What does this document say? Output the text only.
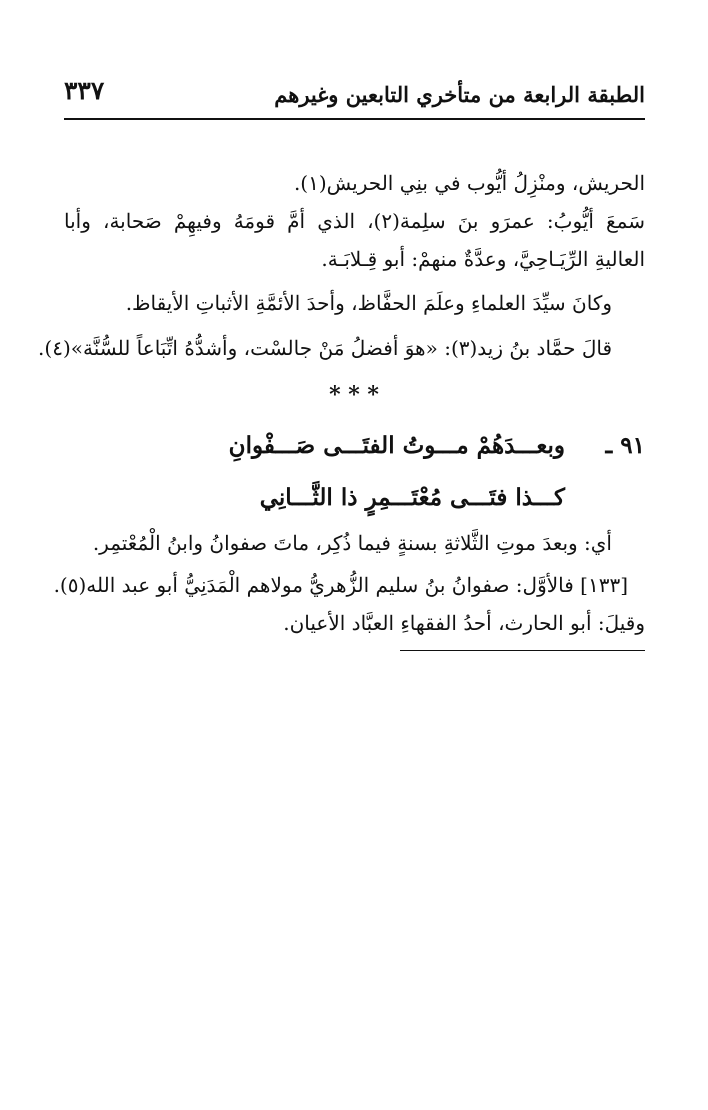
الطبقة الرابعة من متأخري التابعين وغيرهم
٣٣٧
الحريش، ومنْزِلُ أيُّوب في بنِي الحريش(١).
سَمعَ أيُّوبُ: عمرَو بنَ سلِمة(٢)، الذي أمَّ قومَهُ وفيهِمْ صَحابة، وأبا
العاليةِ الرِّيَـاحِيَّ، وعدَّةٌ منهمْ: أبو قِـلابَـة.
وكانَ سيِّدَ العلماءِ وعلَمَ الحفَّاظ، وأحدَ الأئمَّةِ الأثباتِ الأيقاظ.
قالَ حمَّاد بنُ زيد(٣): «هوَ أفضلُ مَنْ جالسْت، وأشدُّهُ اتِّبَاعاً للسُّنَّة»(٤).
* * *
٩١ ـ
وبعـــدَهُمْ مـــوتُ الفتَـــى صَـــفْوانِ
كـــذا فتَـــى مُعْتَـــمِرٍ ذا الثَّـــانِي
أي: وبعدَ موتِ الثَّلاثةِ بسنةٍ فيما ذُكِر، ماتَ صفوانُ وابنُ الْمُعْتمِر.
[١٣٣] فالأوَّل: صفوانُ بنُ سليم الزُّهريُّ مولاهم الْمَدَنِيُّ أبو عبد الله(٥).
وقيلَ: أبو الحارث، أحدُ الفقهاءِ العبَّاد الأعيان.
